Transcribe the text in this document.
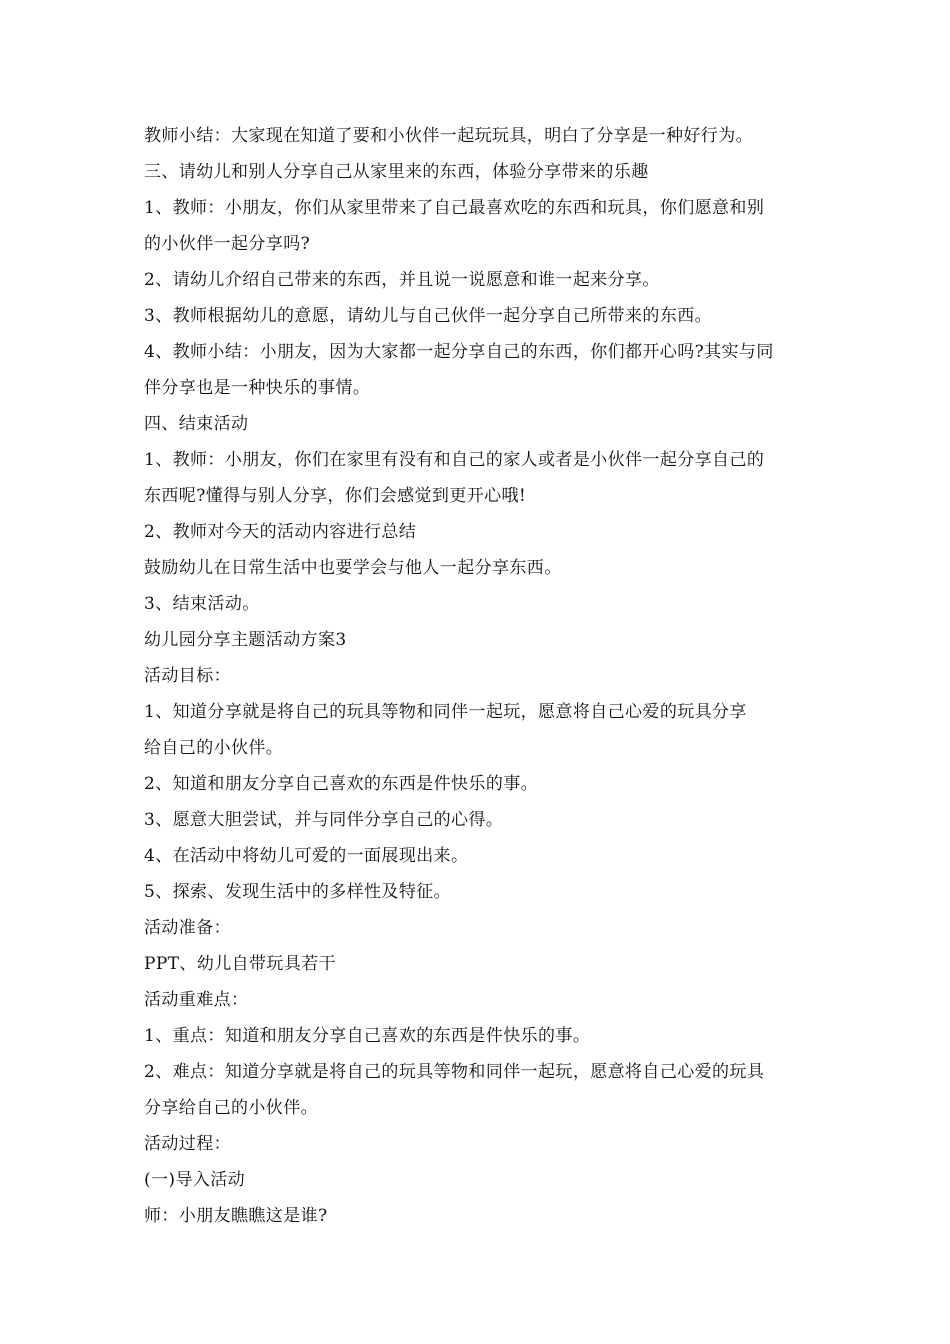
教师小结：大家现在知道了要和小伙伴一起玩玩具，明白了分享是一种好行为。
三、请幼儿和别人分享自己从家里来的东西，体验分享带来的乐趣
1、教师：小朋友，你们从家里带来了自己最喜欢吃的东西和玩具，你们愿意和别
的小伙伴一起分享吗?
2、请幼儿介绍自己带来的东西，并且说一说愿意和谁一起来分享。
3、教师根据幼儿的意愿，请幼儿与自己伙伴一起分享自己所带来的东西。
4、教师小结：小朋友，因为大家都一起分享自己的东西，你们都开心吗?其实与同
伴分享也是一种快乐的事情。
四、结束活动
1、教师：小朋友，你们在家里有没有和自己的家人或者是小伙伴一起分享自己的
东西呢?懂得与别人分享，你们会感觉到更开心哦!
2、教师对今天的活动内容进行总结
鼓励幼儿在日常生活中也要学会与他人一起分享东西。
3、结束活动。
幼儿园分享主题活动方案3
活动目标：
1、知道分享就是将自己的玩具等物和同伴一起玩，愿意将自己心爱的玩具分享
给自己的小伙伴。
2、知道和朋友分享自己喜欢的东西是件快乐的事。
3、愿意大胆尝试，并与同伴分享自己的心得。
4、在活动中将幼儿可爱的一面展现出来。
5、探索、发现生活中的多样性及特征。
活动准备：
PPT、幼儿自带玩具若干
活动重难点：
1、重点：知道和朋友分享自己喜欢的东西是件快乐的事。
2、难点：知道分享就是将自己的玩具等物和同伴一起玩，愿意将自己心爱的玩具
分享给自己的小伙伴。
活动过程：
(一)导入活动
师：小朋友瞧瞧这是谁?
